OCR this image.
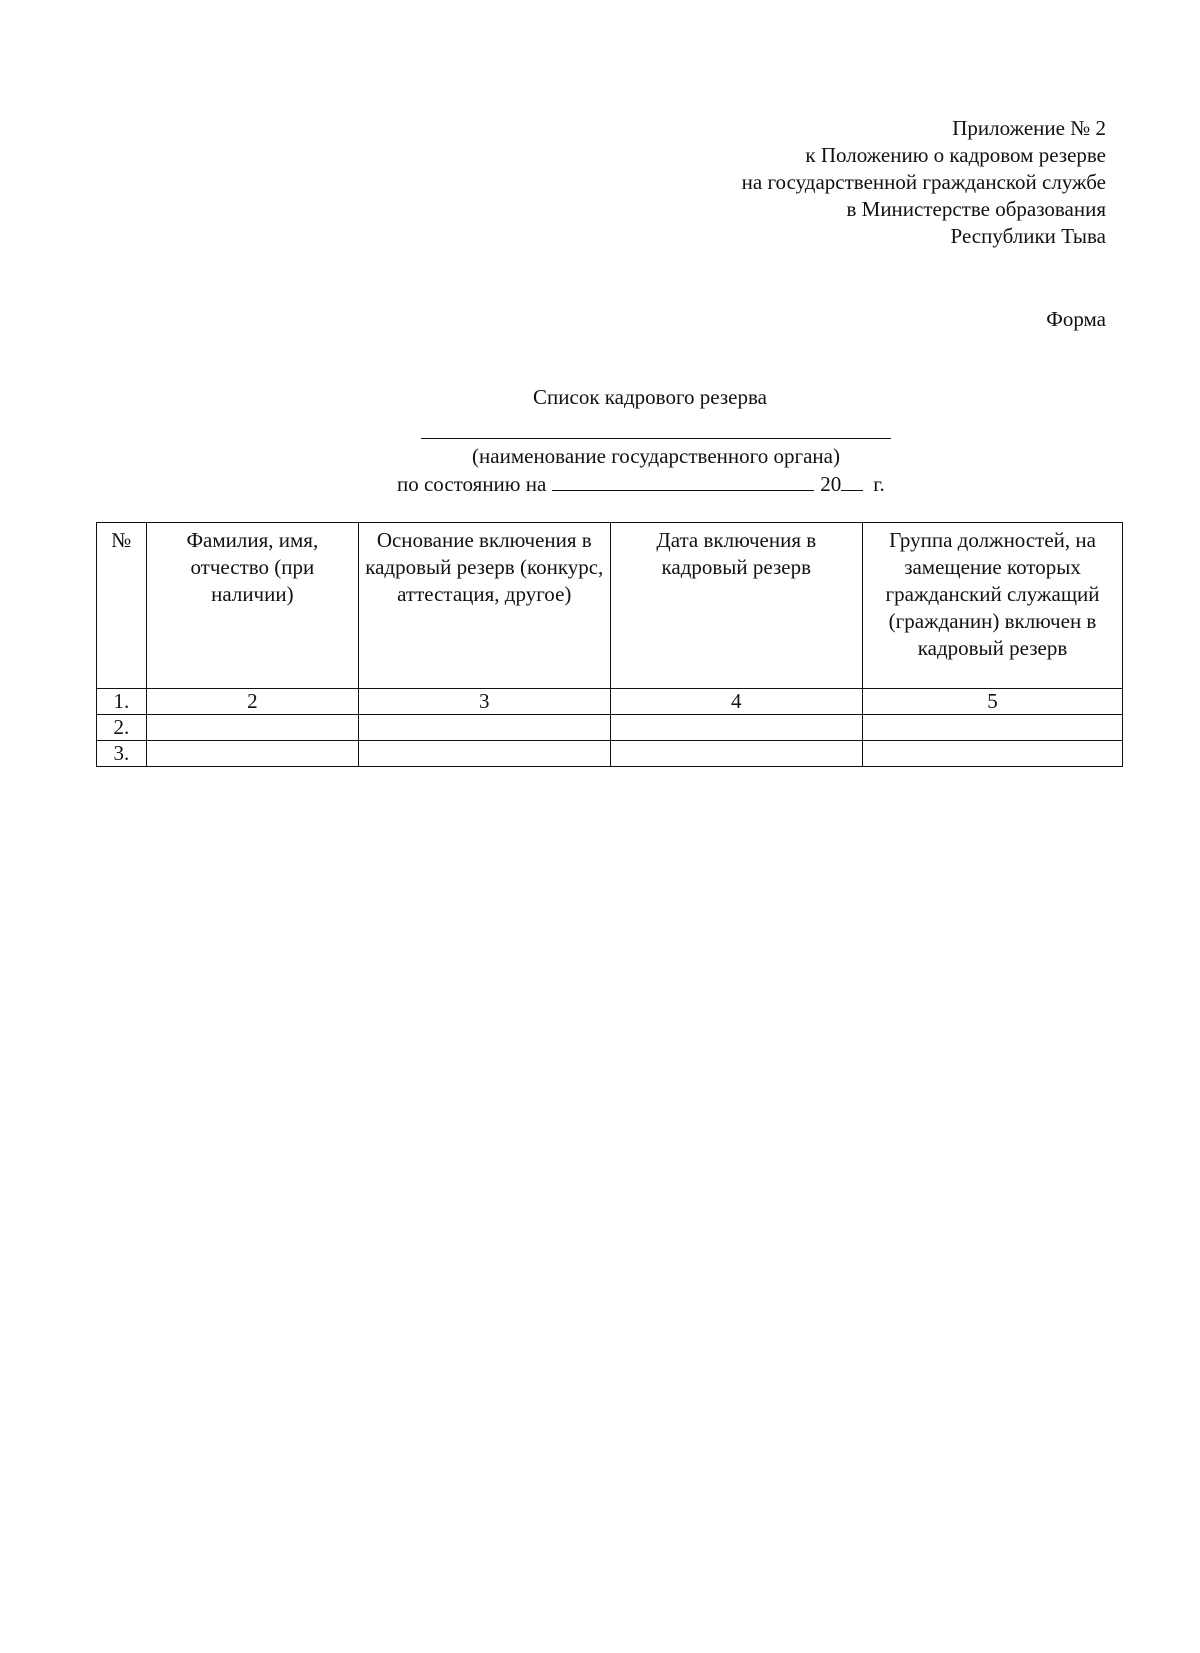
Приложение № 2
к Положению о кадровом резерве
на государственной гражданской службе
в Министерстве образования
Республики Тыва
Форма
Список кадрового резерва
(наименование государственного органа)
по состоянию на	20 г.
№	Фамилия, имя, отчество (при наличии)	Основание включения в кадровый резерв (конкурс, аттестация, другое)	Дата включения в кадровый резерв	Группа должностей, на замещение которых гражданский служащий (гражданин) включен в кадровый резерв
1.	2	3	4	5
2.				
3.				
